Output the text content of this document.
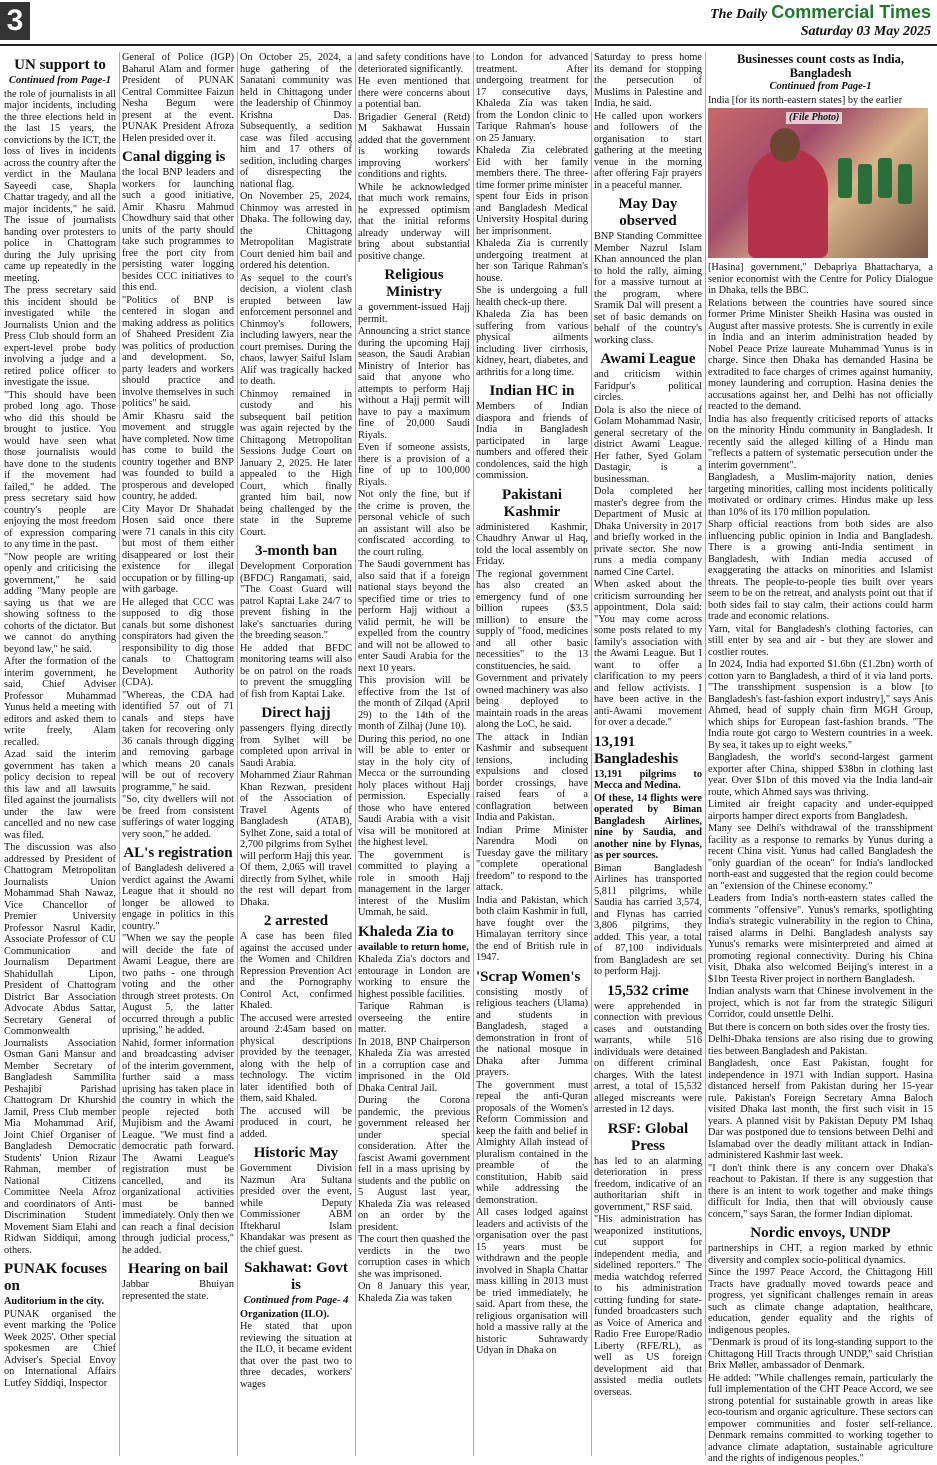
3	The Daily Commercial Times
Saturday 03 May 2025
UN support to
Continued from Page-1

the role of journalists in all major incidents, including the three elections held in the last 15 years, the convictions by the ICT, the loss of lives in incidents across the country after the verdict in the Maulana Sayeedi case, Shapla Chattar tragedy, and all the major incidents," he said. The issue of journalists handing over protesters to police in Chattogram during the July uprising came up repeatedly in the meeting.

The press secretary said this incident should be investigated while the Journalists Union and the Press Club should form an expert-level probe body involving a judge and a retired police officer to investigate the issue.

"This should have been probed long ago. Those who did this should be brought to justice. You would have seen what those journalists would have done to the students if the movement had failed," he added. The press secretary said how country's people are enjoying the most freedom of expression comparing to any time in the past.

"Now people are writing openly and criticising the government," he said adding "Many people are saying us that we are showing softness to the cohorts of the dictator. But we cannot do anything beyond law," he said.

After the formation of the interim government, he said, Chief Adviser Professor Muhammad Yunus held a meeting with editors and asked them to write freely, Alam recalled.

Azad said the interim government has taken a policy decision to repeal this law and all lawsuits filed against the journalists under the law were cancelled and no new case was filed.

The discussion was also addressed by President of Chattogram Metropolitan Journalists Union Mohammad Shah Nawaz, Vice Chancellor of Premier University Professor Nasrul Kadir, Associate Professor of CU Communication and Journalism Department Shahidullah Lipon, President of Chattogram District Bar Association Advocate Abdus Sattar, Secretary General of Commonwealth Journalists Association Osman Gani Mansur and Member Secretary of Bangladesh Sammilita Peshajibi Parishad Chattogram Dr Khurshid Jamil, Press Club member Mia Mohammad Arif, Joint Chief Organiser of Bangladesh Democratic Students' Union Rizaur Rahman, member of National Citizens Committee Neela Afroz and coordinators of Anti-Discrimination Student Movement Siam Elahi and Ridwan Siddiqui, among others.

PUNAK focuses on

Auditorium in the city.

PUNAK organised the event marking the 'Police Week 2025'. Other special spokesmen are Chief Adviser's Special Envoy on International Affairs Lutfey Siddiqi, Inspector

General of Police (IGP) Baharul Alam and former President of PUNAK Central Committee Faizun Nesha Begum were present at the event. PUNAK President Afroza Helen presided over it.

Canal digging is

the local BNP leaders and workers for launching such a good initiative, Amir Khasru Mahmud Chowdhury said that other units of the party should take such programmes to free the port city from persisting water logging besides CCC initiatives to this end.

"Politics of BNP is centered in slogan and making address as politics of Shaheed President Zia was politics of production and development. So, party leaders and workers should practice and involve themselves in such politics" he said.

Amir Khasru said the movement and struggle have completed. Now time has come to build the country together and BNP was founded to build a prosperous and developed country, he added.

City Mayor Dr Shahadat Hosen said once there were 71 canals in this city but most of them either disappeared or lost their existence for illegal occupation or by filling-up with garbage.

He alleged that CCC was supposed to dig those canals but some dishonest conspirators had given the responsibility to dig those canals to Chattogram Development Authority (CDA).

"Whereas, the CDA had identified 57 out of 71 canals and steps have taken for recovering only 36 canals through digging and removing garbage which means 20 canals will be out of recovery programme," he said.

"So, city dwellers will not be freed from consistent sufferings of water logging very soon," he added.

AL's registration

of Bangladesh delivered a verdict against the Awami League that it should no longer be allowed to engage in politics in this country."

"When we say the people will decide the fate of Awami League, there are two paths - one through voting and the other through street protests. On August 5, the latter occurred through a public uprising," he added.

Nahid, former information and broadcasting adviser of the interim government, further said a mass uprising has taken place in the country in which the people rejected both Mujibism and the Awami League. "We must find a democratic path forward. The Awami League's registration must be cancelled, and its organizational activities must be banned immediately. Only then we can reach a final decision through judicial process," he added.

Hearing on bail

Jabbar Bhuiyan represented the state.

On October 25, 2024, a huge gathering of the Sanatani community was held in Chittagong under the leadership of Chinmoy Krishna Das. Subsequently, a sedition case was filed accusing him and 17 others of sedition, including charges of disrespecting the national flag.

On November 25, 2024, Chinmoy was arrested in Dhaka. The following day, the Chittagong Metropolitan Magistrate Court denied him bail and ordered his detention.

As sequel to the court's decision, a violent clash erupted between law enforcement personnel and Chinmoy's followers, including lawyers, near the court premises. During the chaos, lawyer Saiful Islam Alif was tragically hacked to death.

Chinmoy remained in custody and his subsequent bail petition was again rejected by the Chittagong Metropolitan Sessions Judge Court on January 2, 2025. He later appealed to the High Court, which finally granted him bail, now being challenged by the state in the Supreme Court.

3-month ban

Development Corporation (BFDC) Rangamati, said, "The Coast Guard will patrol Kaptai Lake 24/7 to prevent fishing in the lake's sanctuaries during the breeding season."

He added that BFDC monitoring teams will also be on patrol on the roads to prevent the smuggling of fish from Kaptai Lake.

Direct hajj

passengers flying directly from Sylhet will be completed upon arrival in Saudi Arabia.

Mohammed Ziaur Rahman Khan Rezwan, president of the Association of Travel Agents of Bangladesh (ATAB), Sylhet Zone, said a total of 2,700 pilgrims from Sylhet will perform Hajj this year. Of them, 2,065 will travel directly from Sylhet, while the rest will depart from Dhaka.

2 arrested

A case has been filed against the accused under the Women and Children Repression Prevention Act and the Pornography Control Act, confirmed Khaled.

The accused were arrested around 2:45am based on physical descriptions provided by the teenager, along with the help of technology. The victim later identified both of them, said Khaled.

The accused will be produced in court, he added.

Historic May

Government Division Nazmun Ara Sultana presided over the event, while Deputy Commissioner ABM Iftekharul Islam Khandakar was present as the chief guest.

Sakhawat: Govt is
Continued from Page- 4

Organization (ILO).

He stated that upon reviewing the situation at the ILO, it became evident that over the past two to three decades, workers' wages

and safety conditions have deteriorated significantly.

He even mentioned that there were concerns about a potential ban.

Brigadier General (Retd) M Sakhawat Hussain added that the government is working towards improving workers' conditions and rights.

While he acknowledged that much work remains, he expressed optimism that the initial reforms already underway will bring about substantial positive change.

Religious Ministry

a government-issued Hajj permit.

Announcing a strict stance during the upcoming Hajj season, the Saudi Arabian Ministry of Interior has said that anyone who attempts to perform Hajj without a Hajj permit will have to pay a maximum fine of 20,000 Saudi Riyals.

Even if someone assists, there is a provision of a fine of up to 100,000 Riyals.

Not only the fine, but if the crime is proven, the personal vehicle of such an assistant will also be confiscated according to the court ruling.

The Saudi government has also said that if a foreign national stays beyond the specified time or tries to perform Hajj without a valid permit, he will be expelled from the country and will not be allowed to enter Saudi Arabia for the next 10 years.

This provision will be effective from the 1st of the month of Zilqad (April 29) to the 14th of the month of Zilhaj (June 10).

During this period, no one will be able to enter or stay in the holy city of Mecca or the surrounding holy places without Hajj permission. Especially those who have entered Saudi Arabia with a visit visa will be monitored at the highest level.

The government is committed to playing a role in smooth Hajj management in the larger interest of the Muslim Ummah, he said.

Khaleda Zia to

available to return home,

Khaleda Zia's doctors and entourage in London are working to ensure the highest possible facilities.

Tarique Rahman is overseeing the entire matter.

In 2018, BNP Chairperson Khaleda Zia was arrested in a corruption case and imprisoned in the Old Dhaka Central Jail.

During the Corona pandemic, the previous government released her under special consideration. After the fascist Awami government fell in a mass uprising by students and the public on 5 August last year, Khaleda Zia was released on an order by the president.

The court then quashed the verdicts in the two corruption cases in which she was imprisoned.

On 8 January this year, Khaleda Zia was taken

to London for advanced treatment. After undergoing treatment for 17 consecutive days, Khaleda Zia was taken from the London clinic to Tarique Rahman's house on 25 January.

Khaleda Zia celebrated Eid with her family members there. The three-time former prime minister spent four Eids in prison and Bangladesh Medical University Hospital during her imprisonment.

Khaleda Zia is currently undergoing treatment at her son Tarique Rahman's house.

She is undergoing a full health check-up there.

Khaleda Zia has been suffering from various physical ailments including liver cirrhosis, kidney, heart, diabetes, and arthritis for a long time.

Indian HC in

Members of Indian diaspora and friends of India in Bangladesh participated in large numbers and offered their condolences, said the high commission.

Pakistani Kashmir

administered Kashmir, Chaudhry Anwar ul Haq, told the local assembly on Friday.

The regional government has also created an emergency fund of one billion rupees ($3.5 million) to ensure the supply of "food, medicines and all other basic necessities" to the 13 constituencies, he said.

Government and privately owned machinery was also being deployed to maintain roads in the areas along the LoC, he said.

The attack in Indian Kashmir and subsequent tensions, including expulsions and closed border crossings, have raised fears of a conflagration between India and Pakistan.

Indian Prime Minister Narendra Modi on Tuesday gave the military "complete operational freedom" to respond to the attack.

India and Pakistan, which both claim Kashmir in full, have fought over the Himalayan territory since the end of British rule in 1947.

'Scrap Women's

consisting mostly of religious teachers (Ulama) and students in Bangladesh, staged a demonstration in front of the national mosque in Dhaka after Jumma prayers.

The government must repeal the anti-Quran proposals of the Women's Reform Commission and keep the faith and belief in Almighty Allah instead of pluralism contained in the preamble of the constitution, Habib said while addressing the demonstration.

All cases lodged against leaders and activists of the organisation over the past 15 years must be withdrawn and the people involved in Shapla Chattar mass killing in 2013 must be tried immediately, he said. Apart from these, the religious organisation will hold a massive rally at the historic Suhrawardy Udyan in Dhaka on

Saturday to press home its demand for stopping the persecution of Muslims in Palestine and India, he said.

He called upon workers and followers of the organisation to start gathering at the meeting venue in the morning after offering Fajr prayers in a peaceful manner.

May Day observed

BNP Standing Committee Member Nazrul Islam Khan announced the plan to hold the rally, aiming for a massive turnout at the program, where Sramik Dal will present a set of basic demands on behalf of the country's working class.

Awami League

and criticism within Faridpur's political circles.

Dola is also the niece of Golam Mohammad Nasir, general secretary of the district Awami League. Her father, Syed Golam Dastagir, is a businessman.

Dola completed her master's degree from the Department of Music at Dhaka University in 2017 and briefly worked in the private sector. She now runs a media company named Cine Cartel.

When asked about the criticism surrounding her appointment, Dola said: "You may come across some posts related to my family's association with the Awami League. But I want to offer a clarification to my peers and fellow activists. I have been active in the anti-Awami movement for over a decade."

13,191 Bangladeshis

13,191 pilgrims to Mecca and Medina.

Of these, 14 flights were operated by Biman Bangladesh Airlines, nine by Saudia, and another nine by Flynas, as per sources.

Biman Bangladesh Airlines has transported 5,811 pilgrims, while Saudia has carried 3,574, and Flynas has carried 3,806 pilgrims, they added. This year, a total of 87,100 individuals from Bangladesh are set to perform Hajj.

15,532 crime

were apprehended in connection with previous cases and outstanding warrants, while 516 individuals were detained on different criminal charges. With the latest arrest, a total of 15,532 alleged miscreants were arrested in 12 days.

RSF: Global Press

has led to an alarming deterioration in press freedom, indicative of an authoritarian shift in government," RSF said.

"His administration has weaponized institutions, cut support for independent media, and sidelined reporters." The media watchdog referred to his administration cutting funding for state-funded broadcasters such as Voice of America and Radio Free Europe/Radio Liberty (RFE/RL), as well as US foreign development aid that assisted media outlets overseas.

Businesses count costs as India, Bangladesh
Continued from Page-1

India [for its north-eastern states] by the earlier

(File Photo)

[Hasina] government," Debapriya Bhattacharya, a senior economist with the Centre for Policy Dialogue in Dhaka, tells the BBC.

Relations between the countries have soured since former Prime Minister Sheikh Hasina was ousted in August after massive protests. She is currently in exile in India and an interim administration headed by Nobel Peace Prize laureate Muhammad Yunus is in charge. Since then Dhaka has demanded Hasina be extradited to face charges of crimes against humanity, money laundering and corruption. Hasina denies the accusations against her, and Delhi has not officially reacted to the demand.

India has also frequently criticised reports of attacks on the minority Hindu community in Bangladesh. It recently said the alleged killing of a Hindu man "reflects a pattern of systematic persecution under the interim government".

Bangladesh, a Muslim-majority nation, denies targeting minorities, calling most incidents politically motivated or ordinary crimes. Hindus make up less than 10% of its 170 million population.

Sharp official reactions from both sides are also influencing public opinion in India and Bangladesh. There is a growing anti-India sentiment in Bangladesh, with Indian media accused of exaggerating the attacks on minorities and Islamist threats. The people-to-people ties built over years seem to be on the retreat, and analysts point out that if both sides fail to stay calm, their actions could harm trade and economic relations.

Yarn, vital for Bangladesh's clothing factories, can still enter by sea and air - but they are slower and costlier routes.

In 2024, India had exported $1.6bn (£1.2bn) worth of cotton yarn to Bangladesh, a third of it via land ports. "The transshipment suspension is a blow [to Bangladesh's fast-fashion export industry]," says Anis Ahmed, head of supply chain firm MGH Group, which ships for European fast-fashion brands. "The India route got cargo to Western countries in a week. By sea, it takes up to eight weeks."

Bangladesh, the world's second-largest garment exporter after China, shipped $38bn in clothing last year. Over $1bn of this moved via the India land-air route, which Ahmed says was thriving.

Limited air freight capacity and under-equipped airports hamper direct exports from Bangladesh.

Many see Delhi's withdrawal of the transshipment facility as a response to remarks by Yunus during a recent China visit. Yunus had called Bangladesh the "only guardian of the ocean" for India's landlocked north-east and suggested that the region could become an "extension of the Chinese economy."

Leaders from India's north-eastern states called the comments "offensive". Yunus's remarks, spotlighting India's strategic vulnerability in the region to China, raised alarms in Delhi. Bangladesh analysts say Yunus's remarks were misinterpreted and aimed at promoting regional connectivity. During his China visit, Dhaka also welcomed Beijing's interest in a $1bn Teesta River project in northern Bangladesh.

Indian analysts warn that Chinese involvement in the project, which is not far from the strategic Siliguri Corridor, could unsettle Delhi.

But there is concern on both sides over the frosty ties.

Delhi-Dhaka tensions are also rising due to growing ties between Bangladesh and Pakistan.

Bangladesh, once East Pakistan, fought for independence in 1971 with Indian support. Hasina distanced herself from Pakistan during her 15-year rule. Pakistan's Foreign Secretary Amna Baloch visited Dhaka last month, the first such visit in 15 years. A planned visit by Pakistan Deputy PM Ishaq Dar was postponed due to tensions between Delhi and Islamabad over the deadly militant attack in Indian-administered Kashmir last week.

"I don't think there is any concern over Dhaka's reachout to Pakistan. If there is any suggestion that there is an intent to work together and make things difficult for India, then that will obviously cause concern," says Saran, the former Indian diplomat.

Nordic envoys, UNDP

partnerships in CHT, a region marked by ethnic diversity and complex socio-political dynamics.

Since the 1997 Peace Accord, the Chittagong Hill Tracts have gradually moved towards peace and progress, yet significant challenges remain in areas such as climate change adaptation, healthcare, education, gender equality and the rights of indigenous peoples.

"Denmark is proud of its long-standing support to the Chittagong Hill Tracts through UNDP," said Christian Brix Møller, ambassador of Denmark.

He added: "While challenges remain, particularly the full implementation of the CHT Peace Accord, we see strong potential for sustainable growth in areas like eco-tourism and organic agriculture. These sectors can empower communities and foster self-reliance. Denmark remains committed to working together to advance climate adaptation, sustainable agriculture and the rights of indigenous peoples."
